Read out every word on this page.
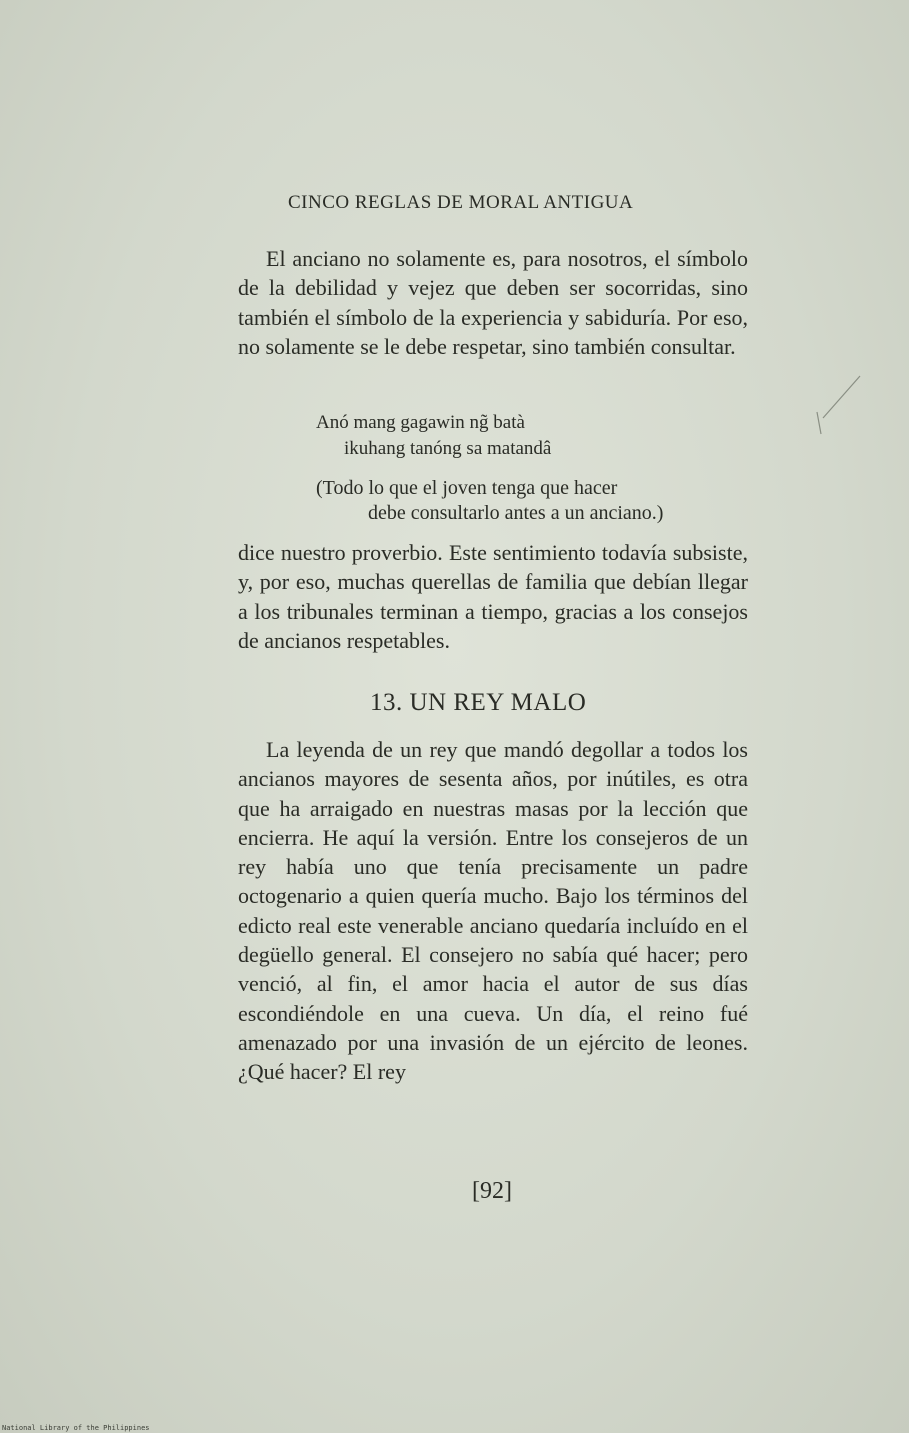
CINCO REGLAS DE MORAL ANTIGUA
El anciano no solamente es, para nosotros, el símbolo de la debilidad y vejez que deben ser socorridas, sino también el símbolo de la experiencia y sabiduría. Por eso, no solamente se le debe respetar, sino también consultar.
Anó mang gagawin ng̃ batà
ikuhang tanóng sa matandâ
(Todo lo que el joven tenga que hacer
debe consultarlo antes a un anciano.)
dice nuestro proverbio. Este sentimiento todavía subsiste, y, por eso, muchas querellas de familia que debían llegar a los tribunales terminan a tiempo, gracias a los consejos de ancianos respetables.
13. UN REY MALO
La leyenda de un rey que mandó degollar a todos los ancianos mayores de sesenta años, por inútiles, es otra que ha arraigado en nuestras masas por la lección que encierra. He aquí la versión. Entre los consejeros de un rey había uno que tenía precisamente un padre octogenario a quien quería mucho. Bajo los términos del edicto real este venerable anciano quedaría incluído en el degüello general. El consejero no sabía qué hacer; pero venció, al fin, el amor hacia el autor de sus días escondiéndole en una cueva. Un día, el reino fué amenazado por una invasión de un ejército de leones. ¿Qué hacer? El rey
[92]
National Library of the Philippines
